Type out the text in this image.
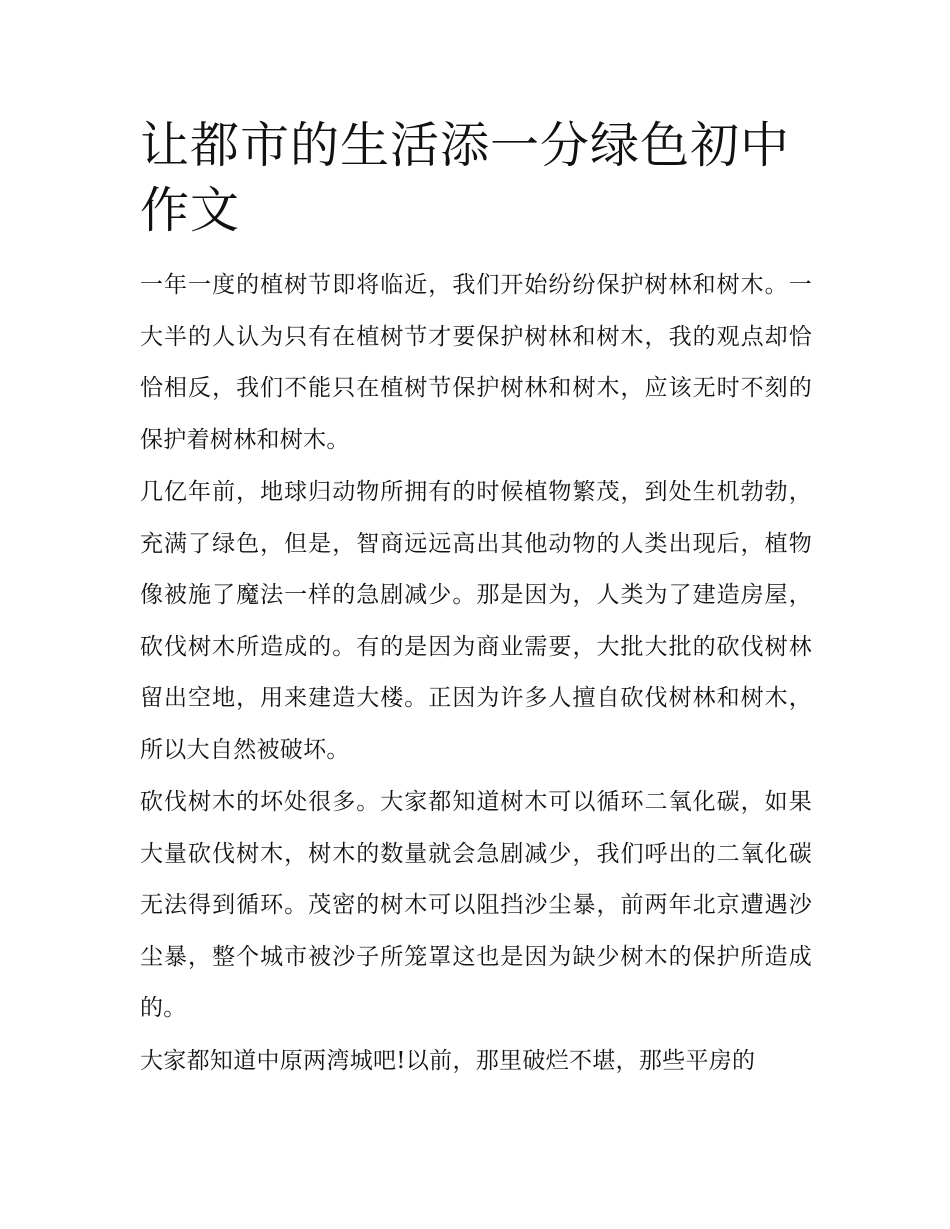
让都市的生活添一分绿色初中作文

一年一度的植树节即将临近，我们开始纷纷保护树林和树木。一大半的人认为只有在植树节才要保护树林和树木，我的观点却恰恰相反，我们不能只在植树节保护树林和树木，应该无时不刻的保护着树林和树木。

几亿年前，地球归动物所拥有的时候植物繁茂，到处生机勃勃，充满了绿色，但是，智商远远高出其他动物的人类出现后，植物像被施了魔法一样的急剧减少。那是因为，人类为了建造房屋，砍伐树木所造成的。有的是因为商业需要，大批大批的砍伐树林留出空地，用来建造大楼。正因为许多人擅自砍伐树林和树木，所以大自然被破坏。

砍伐树木的坏处很多。大家都知道树木可以循环二氧化碳，如果大量砍伐树木，树木的数量就会急剧减少，我们呼出的二氧化碳无法得到循环。茂密的树木可以阻挡沙尘暴，前两年北京遭遇沙尘暴，整个城市被沙子所笼罩这也是因为缺少树木的保护所造成的。

大家都知道中原两湾城吧!以前，那里破烂不堪，那些平房的
